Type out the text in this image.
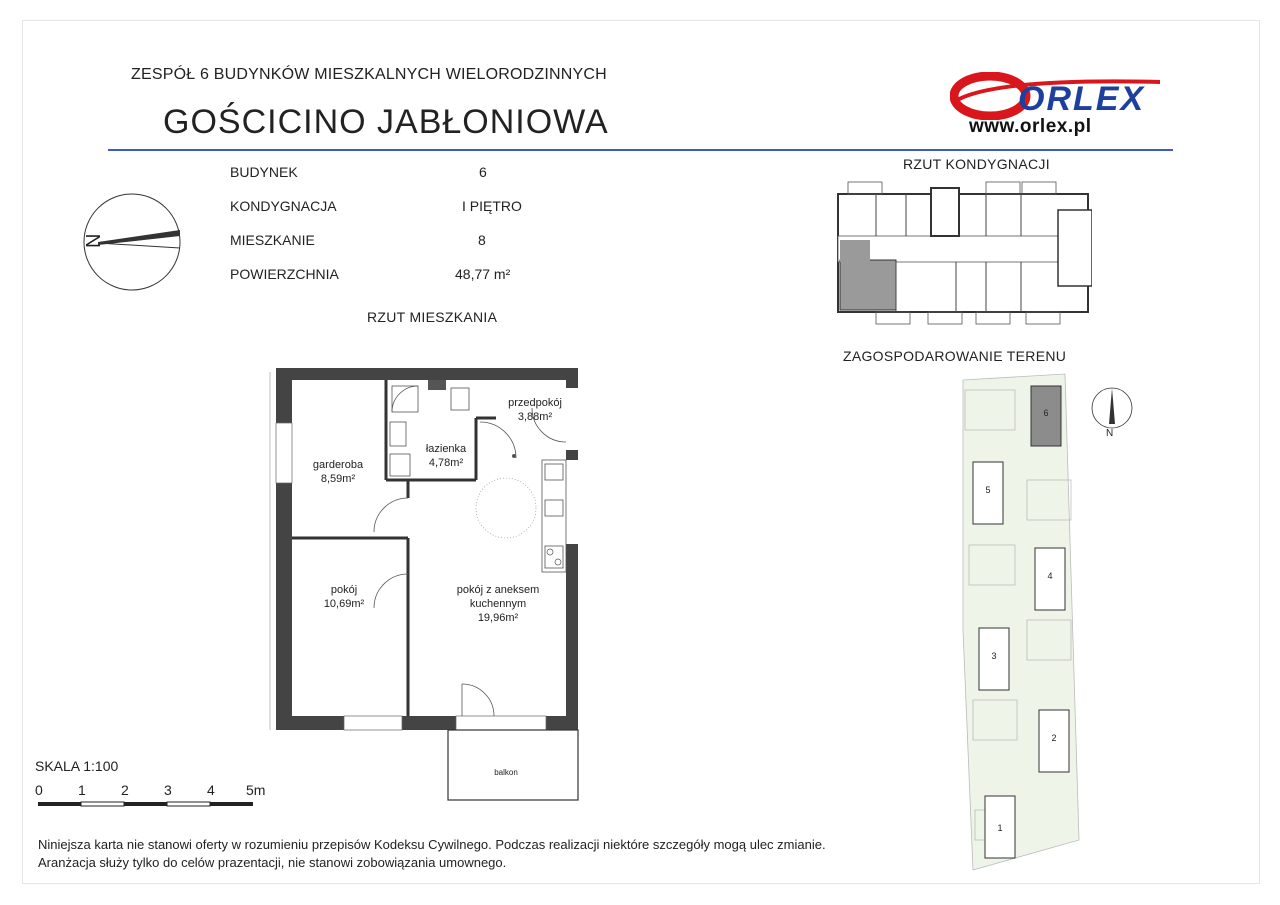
ZESPÓŁ 6 BUDYNKÓW MIESZKALNYCH WIELORODZINNYCH
GOŚCICINO JABŁONIOWA
ORLEX
www.orlex.pl
BUDYNEK	6
KONDYGNACJA	I PIĘTRO
MIESZKANIE	8
POWIERZCHNIA	48,77 m²
N
RZUT MIESZKANIA
RZUT KONDYGNACJI
ZAGOSPODAROWANIE TERENU
przedpokój
3,88m²
łazienka
4,78m²
garderoba
8,59m²
pokój
10,69m²
pokój z aneksem kuchennym
19,96m²
balkon
SKALA 1:100
0	1	2	3	4 5m
6
5
4
3
2
1
N
Niniejsza karta nie stanowi oferty w rozumieniu przepisów Kodeksu Cywilnego. Podczas realizacji niektóre szczegóły mogą ulec zmianie.
Aranżacja służy tylko do celów prazentacji, nie stanowi zobowiązania umownego.
